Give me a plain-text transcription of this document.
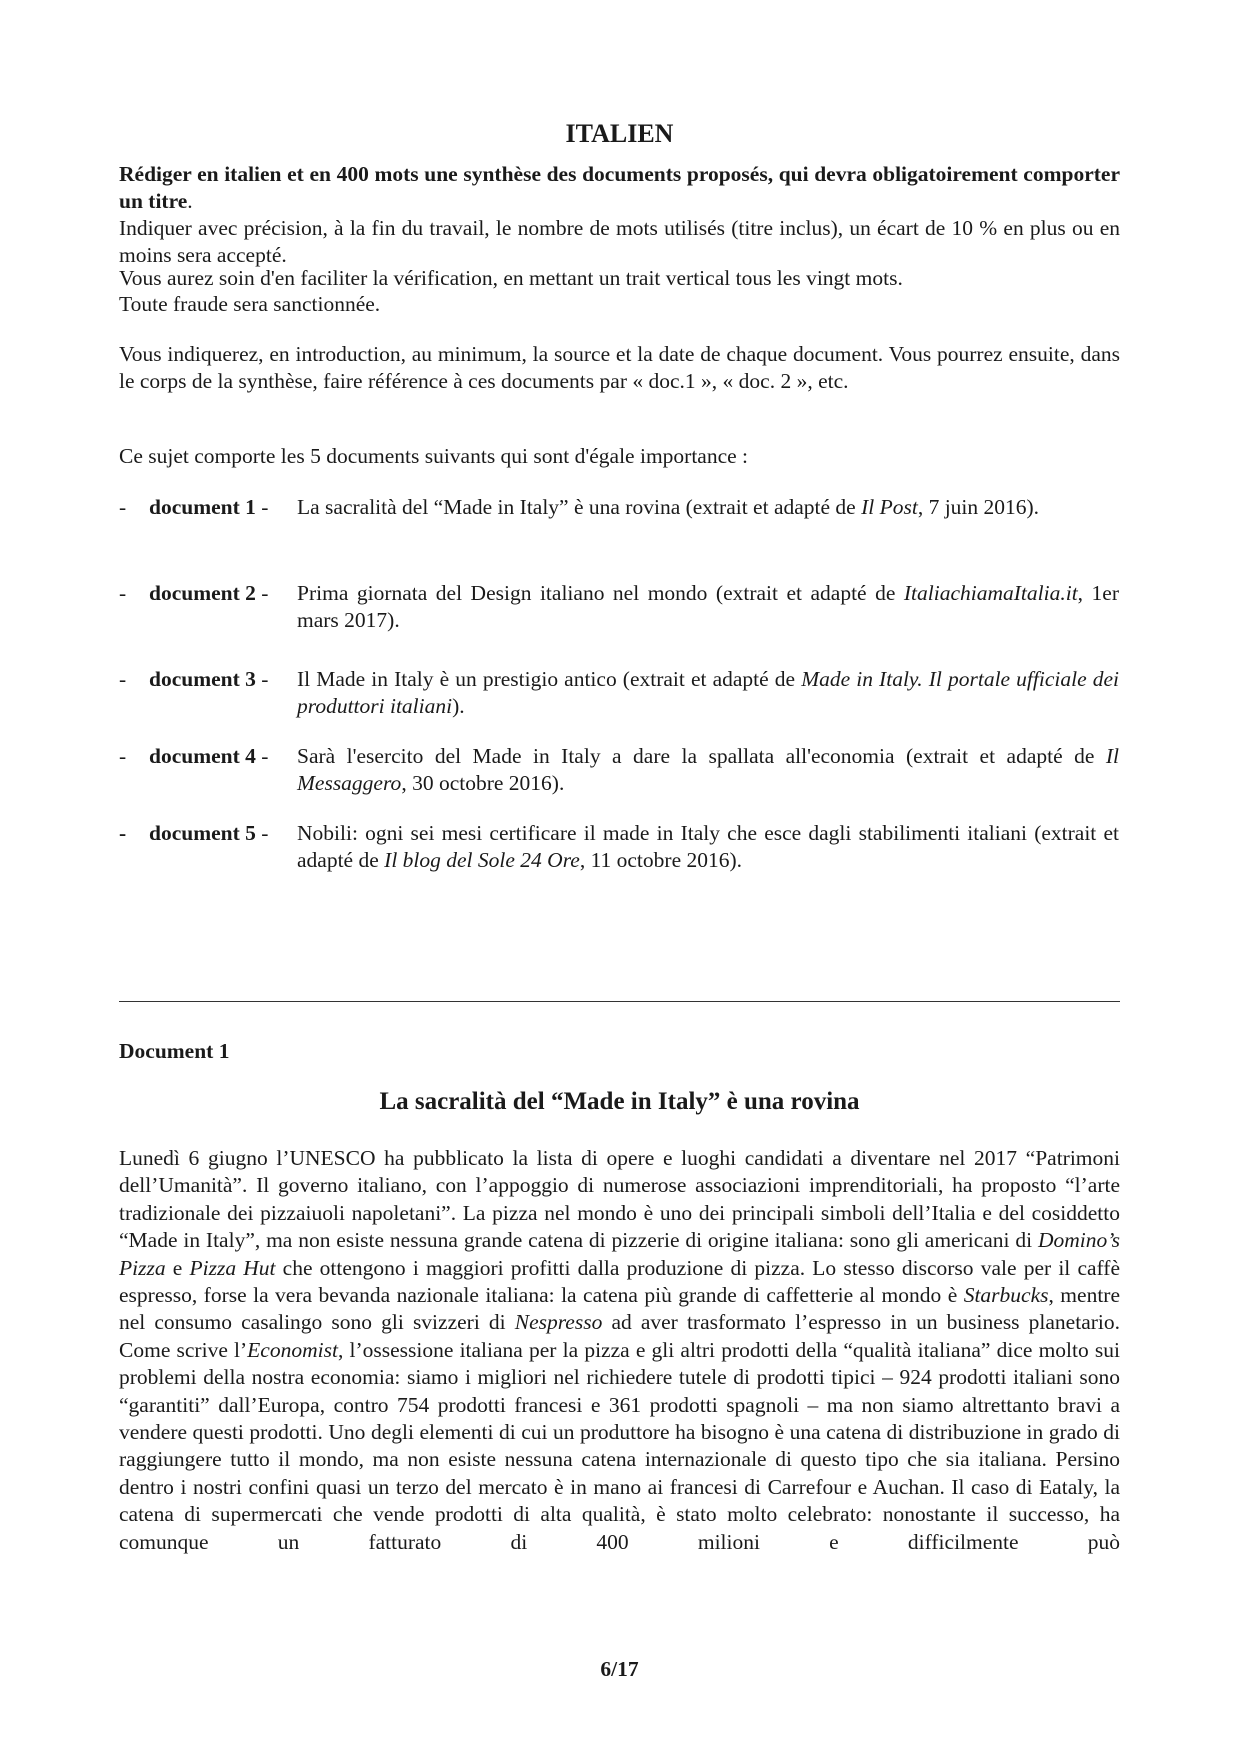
ITALIEN

Rédiger en italien et en 400 mots une synthèse des documents proposés, qui devra obligatoirement comporter un titre.

Indiquer avec précision, à la fin du travail, le nombre de mots utilisés (titre inclus), un écart de 10 % en plus ou en moins sera accepté.

Vous aurez soin d'en faciliter la vérification, en mettant un trait vertical tous les vingt mots.

Toute fraude sera sanctionnée.

Vous indiquerez, en introduction, au minimum, la source et la date de chaque document. Vous pourrez ensuite, dans le corps de la synthèse, faire référence à ces documents par « doc.1 », « doc. 2 », etc.

Ce sujet comporte les 5 documents suivants qui sont d'égale importance :

- document 1 - La sacralità del “Made in Italy” è una rovina (extrait et adapté de Il Post, 7 juin 2016).
- document 2 - Prima giornata del Design italiano nel mondo (extrait et adapté de ItaliachiamaItalia.it, 1er mars 2017).
- document 3 - Il Made in Italy è un prestigio antico (extrait et adapté de Made in Italy. Il portale ufficiale dei produttori italiani).
- document 4 - Sarà l'esercito del Made in Italy a dare la spallata all'economia (extrait et adapté de Il Messaggero, 30 octobre 2016).
- document 5 - Nobili: ogni sei mesi certificare il made in Italy che esce dagli stabilimenti italiani (extrait et adapté de Il blog del Sole 24 Ore, 11 octobre 2016).
Document 1
La sacralità del “Made in Italy” è una rovina

Lunedì 6 giugno l’UNESCO ha pubblicato la lista di opere e luoghi candidati a diventare nel 2017 “Patrimoni dell’Umanità”. Il governo italiano, con l’appoggio di numerose associazioni imprenditoriali, ha proposto “l’arte tradizionale dei pizzaiuoli napoletani”. La pizza nel mondo è uno dei principali simboli dell’Italia e del cosiddetto “Made in Italy”, ma non esiste nessuna grande catena di pizzerie di origine italiana: sono gli americani di Domino’s Pizza e Pizza Hut che ottengono i maggiori profitti dalla produzione di pizza. Lo stesso discorso vale per il caffè espresso, forse la vera bevanda nazionale italiana: la catena più grande di caffetterie al mondo è Starbucks, mentre nel consumo casalingo sono gli svizzeri di Nespresso ad aver trasformato l’espresso in un business planetario. Come scrive l’Economist, l’ossessione italiana per la pizza e gli altri prodotti della “qualità italiana” dice molto sui problemi della nostra economia: siamo i migliori nel richiedere tutele di prodotti tipici – 924 prodotti italiani sono “garantiti” dall’Europa, contro 754 prodotti francesi e 361 prodotti spagnoli – ma non siamo altrettanto bravi a vendere questi prodotti. Uno degli elementi di cui un produttore ha bisogno è una catena di distribuzione in grado di raggiungere tutto il mondo, ma non esiste nessuna catena internazionale di questo tipo che sia italiana. Persino dentro i nostri confini quasi un terzo del mercato è in mano ai francesi di Carrefour e Auchan. Il caso di Eataly, la catena di supermercati che vende prodotti di alta qualità, è stato molto celebrato: nonostante il successo, ha comunque un fatturato di 400 milioni e difficilmente può

6/17
